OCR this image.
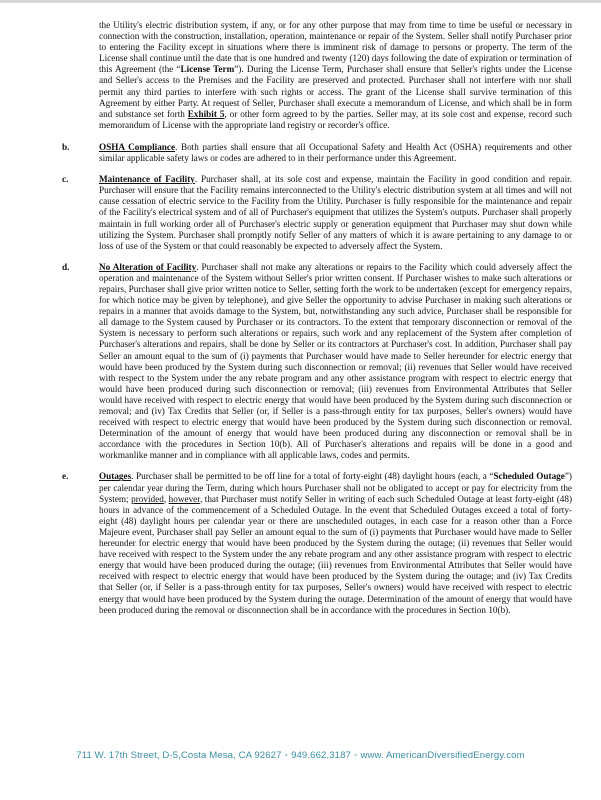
the Utility's electric distribution system, if any, or for any other purpose that may from time to time be useful or necessary in connection with the construction, installation, operation, maintenance or repair of the System. Seller shall notify Purchaser prior to entering the Facility except in situations where there is imminent risk of damage to persons or property. The term of the License shall continue until the date that is one hundred and twenty (120) days following the date of expiration or termination of this Agreement (the “License Term”). During the License Term, Purchaser shall ensure that Seller's rights under the License and Seller's access to the Premises and the Facility are preserved and protected. Purchaser shall not interfere with nor shall permit any third parties to interfere with such rights or access. The grant of the License shall survive termination of this Agreement by either Party. At request of Seller, Purchaser shall execute a memorandum of License, and which shall be in form and substance set forth Exhibit 5, or other form agreed to by the parties. Seller may, at its sole cost and expense, record such memorandum of License with the appropriate land registry or recorder's office.

b.	OSHA Compliance. Both parties shall ensure that all Occupational Safety and Health Act (OSHA) requirements and other similar applicable safety laws or codes are adhered to in their performance under this Agreement.

c.	Maintenance of Facility. Purchaser shall, at its sole cost and expense, maintain the Facility in good condition and repair. Purchaser will ensure that the Facility remains interconnected to the Utility's electric distribution system at all times and will not cause cessation of electric service to the Facility from the Utility. Purchaser is fully responsible for the maintenance and repair of the Facility's electrical system and of all of Purchaser's equipment that utilizes the System's outputs. Purchaser shall properly maintain in full working order all of Purchaser's electric supply or generation equipment that Purchaser may shut down while utilizing the System. Purchaser shall promptly notify Seller of any matters of which it is aware pertaining to any damage to or loss of use of the System or that could reasonably be expected to adversely affect the System.

d.	No Alteration of Facility. Purchaser shall not make any alterations or repairs to the Facility which could adversely affect the operation and maintenance of the System without Seller's prior written consent. If Purchaser wishes to make such alterations or repairs, Purchaser shall give prior written notice to Seller, setting forth the work to be undertaken (except for emergency repairs, for which notice may be given by telephone), and give Seller the opportunity to advise Purchaser in making such alterations or repairs in a manner that avoids damage to the System, but, notwithstanding any such advice, Purchaser shall be responsible for all damage to the System caused by Purchaser or its contractors. To the extent that temporary disconnection or removal of the System is necessary to perform such alterations or repairs, such work and any replacement of the System after completion of Purchaser's alterations and repairs, shall be done by Seller or its contractors at Purchaser's cost. In addition, Purchaser shall pay Seller an amount equal to the sum of (i) payments that Purchaser would have made to Seller hereunder for electric energy that would have been produced by the System during such disconnection or removal; (ii) revenues that Seller would have received with respect to the System under the any rebate program and any other assistance program with respect to electric energy that would have been produced during such disconnection or removal; (iii) revenues from Environmental Attributes that Seller would have received with respect to electric energy that would have been produced by the System during such disconnection or removal; and (iv) Tax Credits that Seller (or, if Seller is a pass-through entity for tax purposes, Seller's owners) would have received with respect to electric energy that would have been produced by the System during such disconnection or removal. Determination of the amount of energy that would have been produced during any disconnection or removal shall be in accordance with the procedures in Section 10(b). All of Purchaser's alterations and repairs will be done in a good and workmanlike manner and in compliance with all applicable laws, codes and permits.

e.	Outages. Purchaser shall be permitted to be off line for a total of forty-eight (48) daylight hours (each, a “Scheduled Outage”) per calendar year during the Term, during which hours Purchaser shall not be obligated to accept or pay for electricity from the System; provided, however, that Purchaser must notify Seller in writing of each such Scheduled Outage at least forty-eight (48) hours in advance of the commencement of a Scheduled Outage. In the event that Scheduled Outages exceed a total of forty-eight (48) daylight hours per calendar year or there are unscheduled outages, in each case for a reason other than a Force Majeure event, Purchaser shall pay Seller an amount equal to the sum of (i) payments that Purchaser would have made to Seller hereunder for electric energy that would have been produced by the System during the outage; (ii) revenues that Seller would have received with respect to the System under the any rebate program and any other assistance program with respect to electric energy that would have been produced during the outage; (iii) revenues from Environmental Attributes that Seller would have received with respect to electric energy that would have been produced by the System during the outage; and (iv) Tax Credits that Seller (or, if Seller is a pass-through entity for tax purposes, Seller's owners) would have received with respect to electric energy that would have been produced by the System during the outage. Determination of the amount of energy that would have been produced during the removal or disconnection shall be in accordance with the procedures in Section 10(b).

711 W. 17th Street, D-5,Costa Mesa, CA 92627 ◦ 949.662.3187 ◦ www. AmericanDiversifiedEnergy.com
